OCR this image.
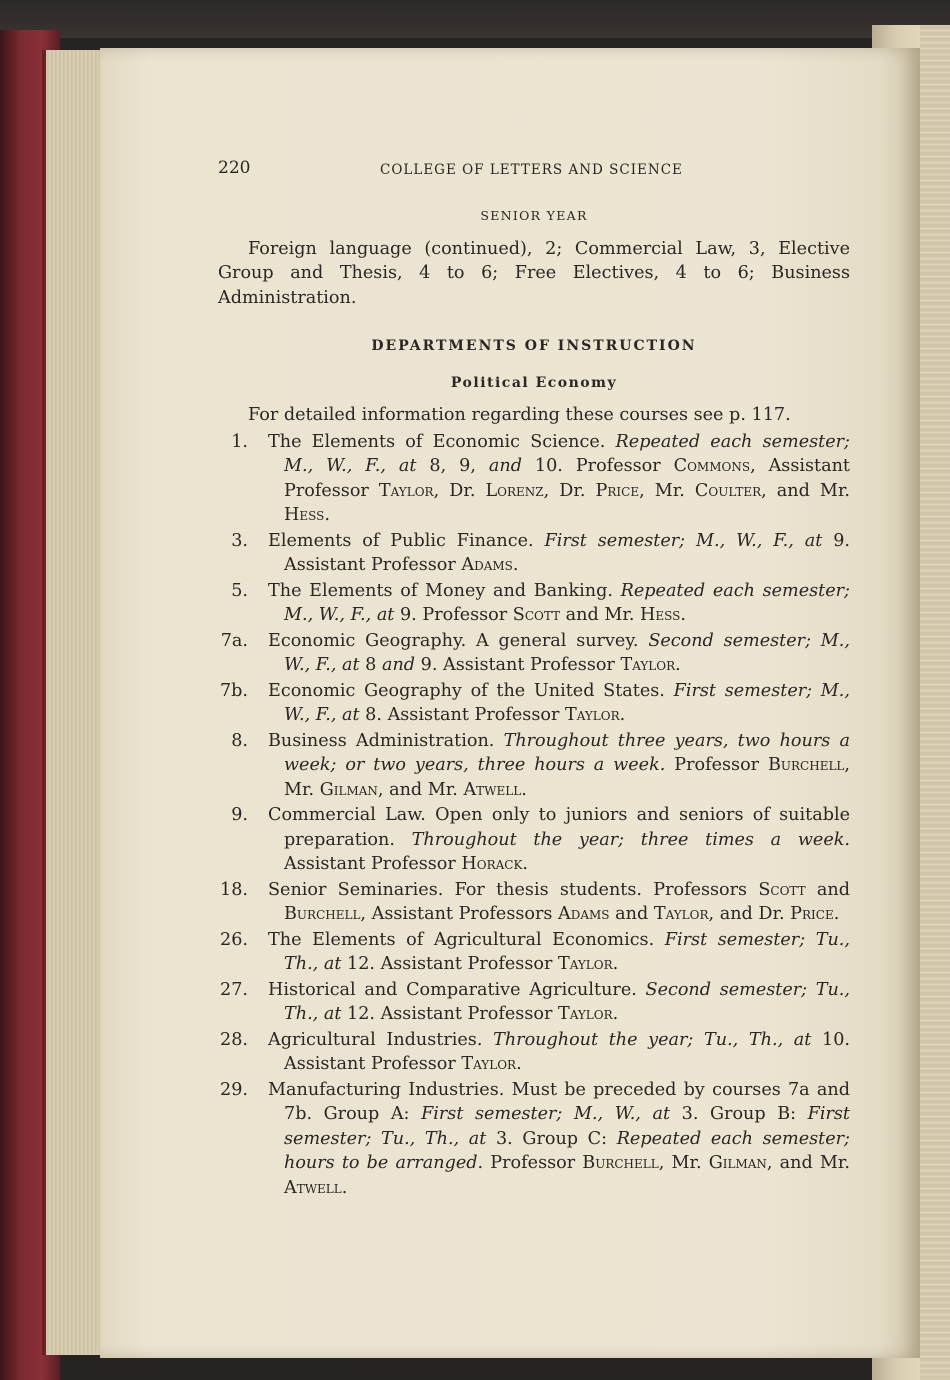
220	COLLEGE OF LETTERS AND SCIENCE
SENIOR YEAR

Foreign language (continued), 2; Commercial Law, 3, Elective Group and Thesis, 4 to 6; Free Electives, 4 to 6; Business Administration.

DEPARTMENTS OF INSTRUCTION
Political Economy

For detailed information regarding these courses see p. 117.

1. The Elements of Economic Science. Repeated each semester; M., W., F., at 8, 9, and 10. Professor Commons, Assistant Professor Taylor, Dr. Lorenz, Dr. Price, Mr. Coulter, and Mr. Hess.
3. Elements of Public Finance. First semester; M., W., F., at 9. Assistant Professor Adams.
5. The Elements of Money and Banking. Repeated each semester; M., W., F., at 9. Professor Scott and Mr. Hess.
7a. Economic Geography. A general survey. Second semester; M., W., F., at 8 and 9. Assistant Professor Taylor.
7b. Economic Geography of the United States. First semester; M., W., F., at 8. Assistant Professor Taylor.
8. Business Administration. Throughout three years, two hours a week; or two years, three hours a week. Professor Burchell, Mr. Gilman, and Mr. Atwell.
9. Commercial Law. Open only to juniors and seniors of suitable preparation. Throughout the year; three times a week. Assistant Professor Horack.
18. Senior Seminaries. For thesis students. Professors Scott and Burchell, Assistant Professors Adams and Taylor, and Dr. Price.
26. The Elements of Agricultural Economics. First semester; Tu., Th., at 12. Assistant Professor Taylor.
27. Historical and Comparative Agriculture. Second semester; Tu., Th., at 12. Assistant Professor Taylor.
28. Agricultural Industries. Throughout the year; Tu., Th., at 10. Assistant Professor Taylor.
29. Manufacturing Industries. Must be preceded by courses 7a and 7b. Group A: First semester; M., W., at 3. Group B: First semester; Tu., Th., at 3. Group C: Repeated each semester; hours to be arranged. Professor Burchell, Mr. Gilman, and Mr. Atwell.
